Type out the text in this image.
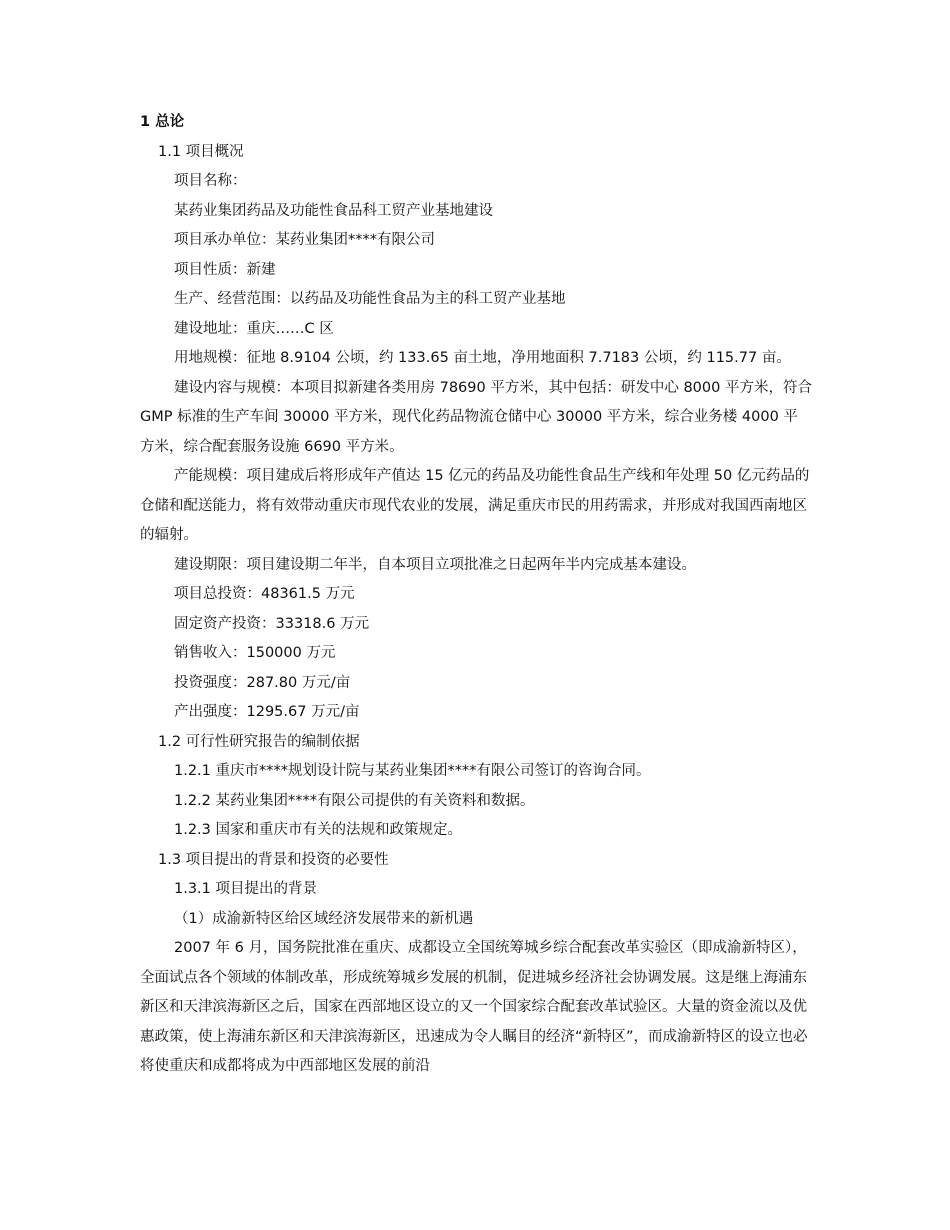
1 总论

1.1 项目概况

项目名称：

某药业集团药品及功能性食品科工贸产业基地建设

项目承办单位：某药业集团****有限公司

项目性质：新建

生产、经营范围：以药品及功能性食品为主的科工贸产业基地

建设地址：重庆……C 区

用地规模：征地 8.9104 公顷，约 133.65 亩土地，净用地面积 7.7183 公顷，约 115.77 亩。

建设内容与规模：本项目拟新建各类用房 78690 平方米，其中包括：研发中心 8000 平方米，符合 GMP 标准的生产车间 30000 平方米，现代化药品物流仓储中心 30000 平方米，综合业务楼 4000 平方米，综合配套服务设施 6690 平方米。

产能规模：项目建成后将形成年产值达 15 亿元的药品及功能性食品生产线和年处理 50 亿元药品的仓储和配送能力，将有效带动重庆市现代农业的发展，满足重庆市民的用药需求，并形成对我国西南地区的辐射。

建设期限：项目建设期二年半，自本项目立项批准之日起两年半内完成基本建设。

项目总投资：48361.5 万元

固定资产投资：33318.6 万元

销售收入：150000 万元

投资强度：287.80 万元/亩

产出强度：1295.67 万元/亩

1.2 可行性研究报告的编制依据

1.2.1 重庆市****规划设计院与某药业集团****有限公司签订的咨询合同。

1.2.2 某药业集团****有限公司提供的有关资料和数据。

1.2.3 国家和重庆市有关的法规和政策规定。

1.3 项目提出的背景和投资的必要性

1.3.1 项目提出的背景

（1）成渝新特区给区域经济发展带来的新机遇

2007 年 6 月，国务院批准在重庆、成都设立全国统筹城乡综合配套改革实验区（即成渝新特区），全面试点各个领域的体制改革，形成统筹城乡发展的机制，促进城乡经济社会协调发展。这是继上海浦东新区和天津滨海新区之后，国家在西部地区设立的又一个国家综合配套改革试验区。大量的资金流以及优惠政策，使上海浦东新区和天津滨海新区，迅速成为令人瞩目的经济“新特区”，而成渝新特区的设立也必将使重庆和成都将成为中西部地区发展的前沿
